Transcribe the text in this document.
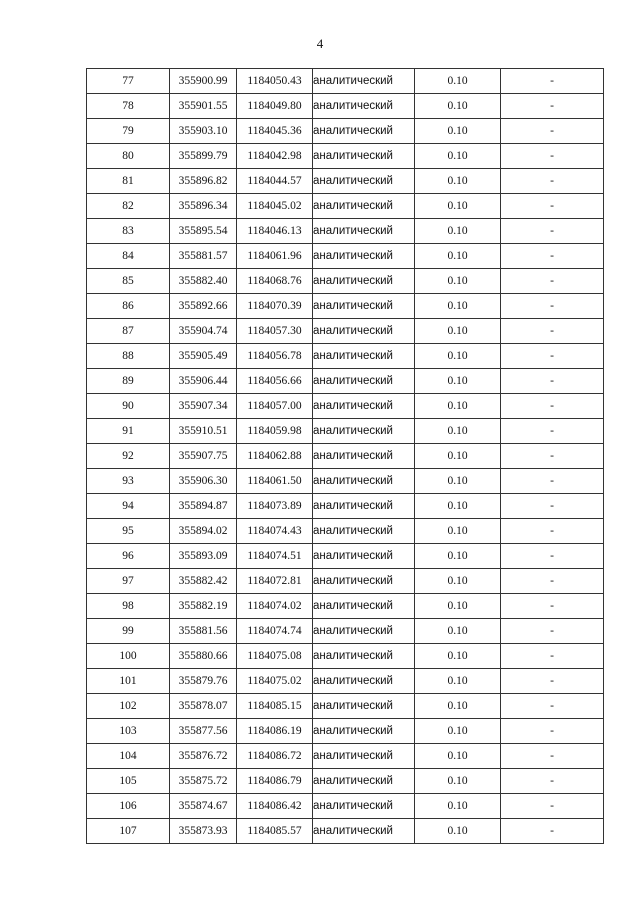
4
77	355900.99	1184050.43	аналитический	0.10	-
78	355901.55	1184049.80	аналитический	0.10	-
79	355903.10	1184045.36	аналитический	0.10	-
80	355899.79	1184042.98	аналитический	0.10	-
81	355896.82	1184044.57	аналитический	0.10	-
82	355896.34	1184045.02	аналитический	0.10	-
83	355895.54	1184046.13	аналитический	0.10	-
84	355881.57	1184061.96	аналитический	0.10	-
85	355882.40	1184068.76	аналитический	0.10	-
86	355892.66	1184070.39	аналитический	0.10	-
87	355904.74	1184057.30	аналитический	0.10	-
88	355905.49	1184056.78	аналитический	0.10	-
89	355906.44	1184056.66	аналитический	0.10	-
90	355907.34	1184057.00	аналитический	0.10	-
91	355910.51	1184059.98	аналитический	0.10	-
92	355907.75	1184062.88	аналитический	0.10	-
93	355906.30	1184061.50	аналитический	0.10	-
94	355894.87	1184073.89	аналитический	0.10	-
95	355894.02	1184074.43	аналитический	0.10	-
96	355893.09	1184074.51	аналитический	0.10	-
97	355882.42	1184072.81	аналитический	0.10	-
98	355882.19	1184074.02	аналитический	0.10	-
99	355881.56	1184074.74	аналитический	0.10	-
100	355880.66	1184075.08	аналитический	0.10	-
101	355879.76	1184075.02	аналитический	0.10	-
102	355878.07	1184085.15	аналитический	0.10	-
103	355877.56	1184086.19	аналитический	0.10	-
104	355876.72	1184086.72	аналитический	0.10	-
105	355875.72	1184086.79	аналитический	0.10	-
106	355874.67	1184086.42	аналитический	0.10	-
107	355873.93	1184085.57	аналитический	0.10	-
